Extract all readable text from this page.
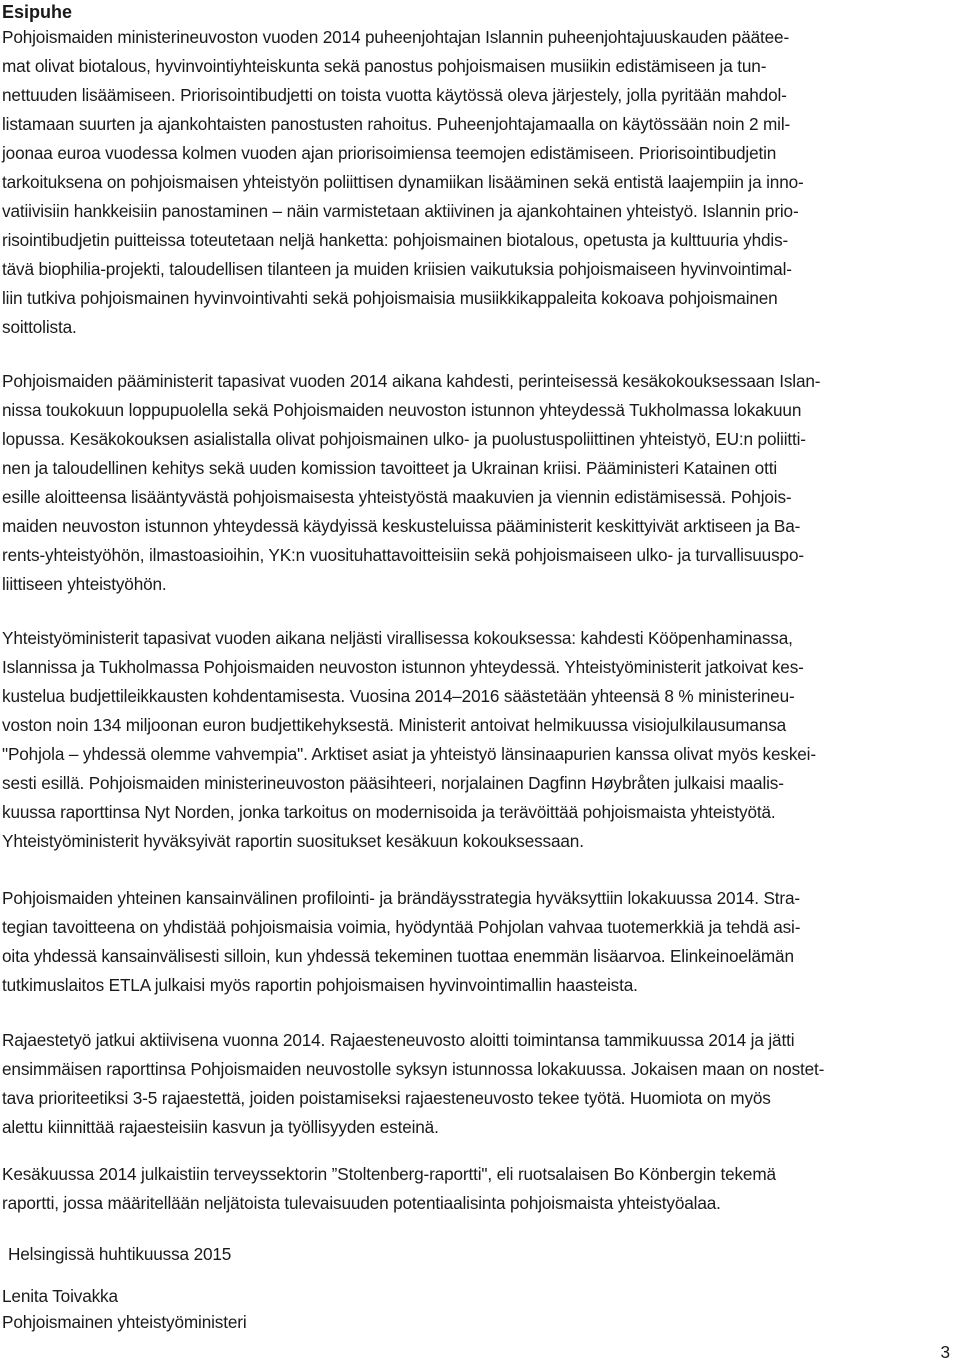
Esipuhe

Pohjoismaiden ministerineuvoston vuoden 2014 puheenjohtajan Islannin puheenjohtajuuskauden päätee-
mat olivat biotalous, hyvinvointiyhteiskunta sekä panostus pohjoismaisen musiikin edistämiseen ja tun-
nettuuden lisäämiseen. Priorisointibudjetti on toista vuotta käytössä oleva järjestely, jolla pyritään mahdol-
listamaan suurten ja ajankohtaisten panostusten rahoitus. Puheenjohtajamaalla on käytössään noin 2 mil-
joonaa euroa vuodessa kolmen vuoden ajan priorisoimiensa teemojen edistämiseen. Priorisointibudjetin
tarkoituksena on pohjoismaisen yhteistyön poliittisen dynamiikan lisääminen sekä entistä laajempiin ja inno-
vatiivisiin hankkeisiin panostaminen – näin varmistetaan aktiivinen ja ajankohtainen yhteistyö. Islannin prio-
risointibudjetin puitteissa toteutetaan neljä hanketta: pohjoismainen biotalous, opetusta ja kulttuuria yhdis-
tävä biophilia-projekti, taloudellisen tilanteen ja muiden kriisien vaikutuksia pohjoismaiseen hyvinvointimal-
liin tutkiva pohjoismainen hyvinvointivahti sekä pohjoismaisia musiikkikappaleita kokoava pohjoismainen
soittolista.

Pohjoismaiden pääministerit tapasivat vuoden 2014 aikana kahdesti, perinteisessä kesäkokouksessaan Islan-
nissa toukokuun loppupuolella sekä Pohjoismaiden neuvoston istunnon yhteydessä Tukholmassa lokakuun
lopussa. Kesäkokouksen asialistalla olivat pohjoismainen ulko- ja puolustuspoliittinen yhteistyö, EU:n poliitti-
nen ja taloudellinen kehitys sekä uuden komission tavoitteet ja Ukrainan kriisi. Pääministeri Katainen otti
esille aloitteensa lisääntyvästä pohjoismaisesta yhteistyöstä maakuvien ja viennin edistämisessä. Pohjois-
maiden neuvoston istunnon yhteydessä käydyissä keskusteluissa pääministerit keskittyivät arktiseen ja Ba-
rents-yhteistyöhön, ilmastoasioihin, YK:n vuosituhattavoitteisiin sekä pohjoismaiseen ulko- ja turvallisuuspo-
liittiseen yhteistyöhön.

Yhteistyöministerit tapasivat vuoden aikana neljästi virallisessa kokouksessa: kahdesti Kööpenhaminassa,
Islannissa ja Tukholmassa Pohjoismaiden neuvoston istunnon yhteydessä. Yhteistyöministerit jatkoivat kes-
kustelua budjettileikkausten kohdentamisesta. Vuosina 2014–2016 säästetään yhteensä 8 % ministerineu-
voston noin 134 miljoonan euron budjettikehyksestä. Ministerit antoivat helmikuussa visiojulkilausumansa
"Pohjola – yhdessä olemme vahvempia". Arktiset asiat ja yhteistyö länsinaapurien kanssa olivat myös keskei-
sesti esillä. Pohjoismaiden ministerineuvoston pääsihteeri, norjalainen Dagfinn Høybråten julkaisi maalis-
kuussa raporttinsa Nyt Norden, jonka tarkoitus on modernisoida ja terävöittää pohjoismaista yhteistyötä.
Yhteistyöministerit hyväksyivät raportin suositukset kesäkuun kokouksessaan.

Pohjoismaiden yhteinen kansainvälinen profilointi- ja brändäysstrategia hyväksyttiin lokakuussa 2014. Stra-
tegian tavoitteena on yhdistää pohjoismaisia voimia, hyödyntää Pohjolan vahvaa tuotemerkkiä ja tehdä asi-
oita yhdessä kansainvälisesti silloin, kun yhdessä tekeminen tuottaa enemmän lisäarvoa. Elinkeinoelämän
tutkimuslaitos ETLA julkaisi myös raportin pohjoismaisen hyvinvointimallin haasteista.

Rajaestetyö jatkui aktiivisena vuonna 2014. Rajaesteneuvosto aloitti toimintansa tammikuussa 2014 ja jätti
ensimmäisen raporttinsa Pohjoismaiden neuvostolle syksyn istunnossa lokakuussa. Jokaisen maan on nostet-
tava prioriteetiksi 3-5 rajaestettä, joiden poistamiseksi rajaesteneuvosto tekee työtä. Huomiota on myös
alettu kiinnittää rajaesteisiin kasvun ja työllisyyden esteinä.

Kesäkuussa 2014 julkaistiin terveyssektorin ”Stoltenberg-raportti", eli ruotsalaisen Bo Könbergin tekemä
raportti, jossa määritellään neljätoista tulevaisuuden potentiaalisinta pohjoismaista yhteistyöalaa.

Helsingissä huhtikuussa 2015

Lenita Toivakka

Pohjoismainen yhteistyöministeri

3
